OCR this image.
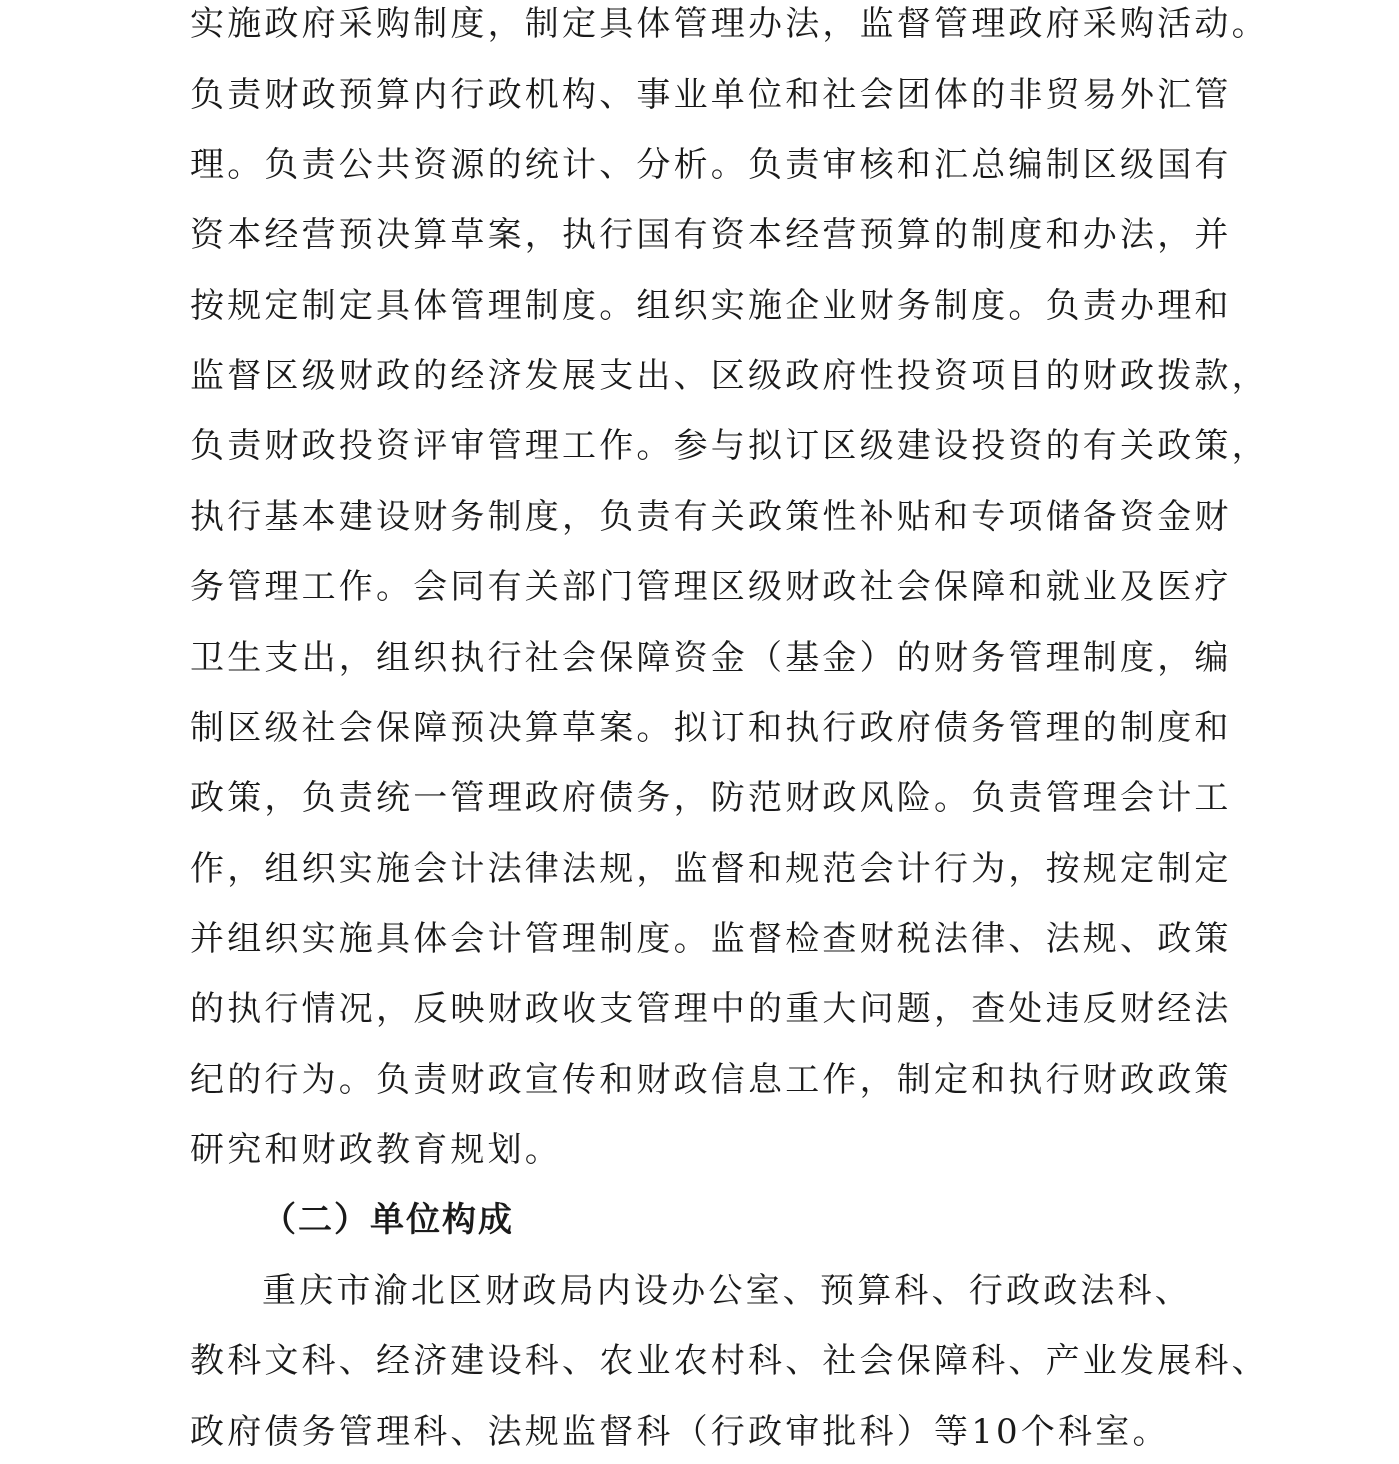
实施政府采购制度，制定具体管理办法，监督管理政府采购活动。
负责财政预算内行政机构、事业单位和社会团体的非贸易外汇管
理。负责公共资源的统计、分析。负责审核和汇总编制区级国有
资本经营预决算草案，执行国有资本经营预算的制度和办法，并
按规定制定具体管理制度。组织实施企业财务制度。负责办理和
监督区级财政的经济发展支出、区级政府性投资项目的财政拨款，
负责财政投资评审管理工作。参与拟订区级建设投资的有关政策，
执行基本建设财务制度，负责有关政策性补贴和专项储备资金财
务管理工作。会同有关部门管理区级财政社会保障和就业及医疗
卫生支出，组织执行社会保障资金（基金）的财务管理制度，编
制区级社会保障预决算草案。拟订和执行政府债务管理的制度和
政策，负责统一管理政府债务，防范财政风险。负责管理会计工
作，组织实施会计法律法规，监督和规范会计行为，按规定制定
并组织实施具体会计管理制度。监督检查财税法律、法规、政策
的执行情况，反映财政收支管理中的重大问题，查处违反财经法
纪的行为。负责财政宣传和财政信息工作，制定和执行财政政策
研究和财政教育规划。
（二）单位构成
重庆市渝北区财政局内设办公室、预算科、行政政法科、
教科文科、经济建设科、农业农村科、社会保障科、产业发展科、
政府债务管理科、法规监督科（行政审批科）等10个科室。
